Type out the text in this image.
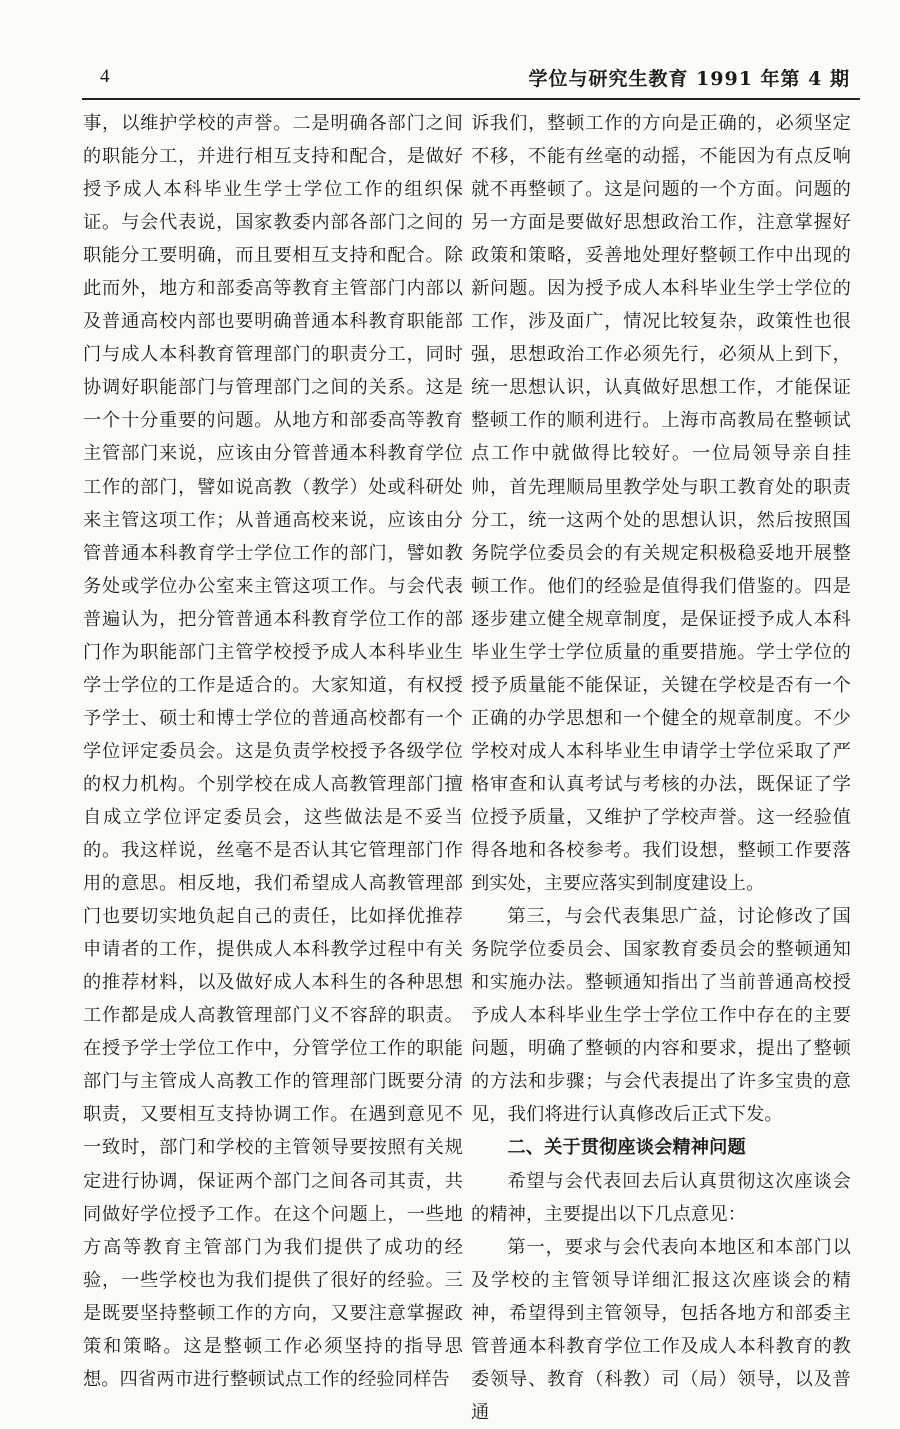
4	学位与研究生教育 1991 年第 4 期

事，以维护学校的声誉。二是明确各部门之间的职能分工，并进行相互支持和配合，是做好授予成人本科毕业生学士学位工作的组织保证。与会代表说，国家教委内部各部门之间的职能分工要明确，而且要相互支持和配合。除此而外，地方和部委高等教育主管部门内部以及普通高校内部也要明确普通本科教育职能部门与成人本科教育管理部门的职责分工，同时协调好职能部门与管理部门之间的关系。这是一个十分重要的问题。从地方和部委高等教育主管部门来说，应该由分管普通本科教育学位工作的部门，譬如说高教（教学）处或科研处来主管这项工作；从普通高校来说，应该由分管普通本科教育学士学位工作的部门，譬如教务处或学位办公室来主管这项工作。与会代表普遍认为，把分管普通本科教育学位工作的部门作为职能部门主管学校授予成人本科毕业生学士学位的工作是适合的。大家知道，有权授予学士、硕士和博士学位的普通高校都有一个学位评定委员会。这是负责学校授予各级学位的权力机构。个别学校在成人高教管理部门擅自成立学位评定委员会，这些做法是不妥当的。我这样说，丝毫不是否认其它管理部门作用的意思。相反地，我们希望成人高教管理部门也要切实地负起自己的责任，比如择优推荐申请者的工作，提供成人本科教学过程中有关的推荐材料，以及做好成人本科生的各种思想工作都是成人高教管理部门义不容辞的职责。在授予学士学位工作中，分管学位工作的职能部门与主管成人高教工作的管理部门既要分清职责，又要相互支持协调工作。在遇到意见不一致时，部门和学校的主管领导要按照有关规定进行协调，保证两个部门之间各司其责，共同做好学位授予工作。在这个问题上，一些地方高等教育主管部门为我们提供了成功的经验，一些学校也为我们提供了很好的经验。三是既要坚持整顿工作的方向，又要注意掌握政策和策略。这是整顿工作必须坚持的指导思想。四省两市进行整顿试点工作的经验同样告

诉我们，整顿工作的方向是正确的，必须坚定不移，不能有丝毫的动摇，不能因为有点反响就不再整顿了。这是问题的一个方面。问题的另一方面是要做好思想政治工作，注意掌握好政策和策略，妥善地处理好整顿工作中出现的新问题。因为授予成人本科毕业生学士学位的工作，涉及面广，情况比较复杂，政策性也很强，思想政治工作必须先行，必须从上到下，统一思想认识，认真做好思想工作，才能保证整顿工作的顺利进行。上海市高教局在整顿试点工作中就做得比较好。一位局领导亲自挂帅，首先理顺局里教学处与职工教育处的职责分工，统一这两个处的思想认识，然后按照国务院学位委员会的有关规定积极稳妥地开展整顿工作。他们的经验是值得我们借鉴的。四是逐步建立健全规章制度，是保证授予成人本科毕业生学士学位质量的重要措施。学士学位的授予质量能不能保证，关键在学校是否有一个正确的办学思想和一个健全的规章制度。不少学校对成人本科毕业生申请学士学位采取了严格审查和认真考试与考核的办法，既保证了学位授予质量，又维护了学校声誉。这一经验值得各地和各校参考。我们设想，整顿工作要落到实处，主要应落实到制度建设上。

第三，与会代表集思广益，讨论修改了国务院学位委员会、国家教育委员会的整顿通知和实施办法。整顿通知指出了当前普通高校授予成人本科毕业生学士学位工作中存在的主要问题，明确了整顿的内容和要求，提出了整顿的方法和步骤；与会代表提出了许多宝贵的意见，我们将进行认真修改后正式下发。

二、关于贯彻座谈会精神问题

希望与会代表回去后认真贯彻这次座谈会的精神，主要提出以下几点意见：

第一，要求与会代表向本地区和本部门以及学校的主管领导详细汇报这次座谈会的精神，希望得到主管领导，包括各地方和部委主管普通本科教育学位工作及成人本科教育的教委领导、教育（科教）司（局）领导，以及普通
